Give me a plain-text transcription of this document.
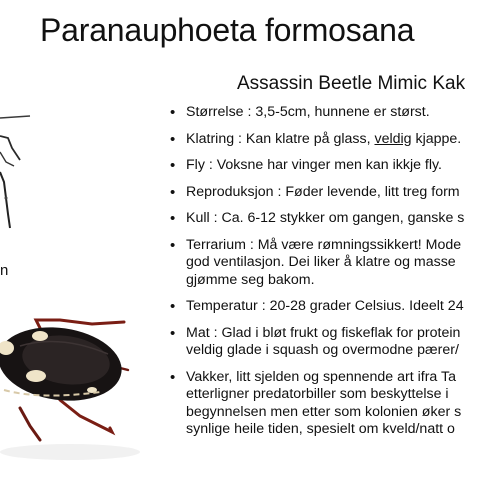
Paranauphoeta formosana
Assassin Beetle Mimic Kak
n
• Størrelse : 3,5-5cm, hunnene er størst.
• Klatring : Kan klatre på glass, veldig kjappe.
• Fly : Voksne har vinger men kan ikkje fly.
• Reproduksjon : Føder levende, litt treg form
• Kull : Ca. 6-12 stykker om gangen, ganske s
• Terrarium : Må være rømningssikkert! Mode
god ventilasjon. Dei liker å klatre og masse
gjømme seg bakom.
• Temperatur : 20-28 grader Celsius. Ideelt 24
• Mat : Glad i bløt frukt og fiskeflak for protein
veldig glade i squash og overmodne pærer/
• Vakker, litt sjelden og spennende art ifra Ta
etterligner predatorbiller som beskyttelse i
begynnelsen men etter som kolonien øker s
synlige heile tiden, spesielt om kveld/natt o
